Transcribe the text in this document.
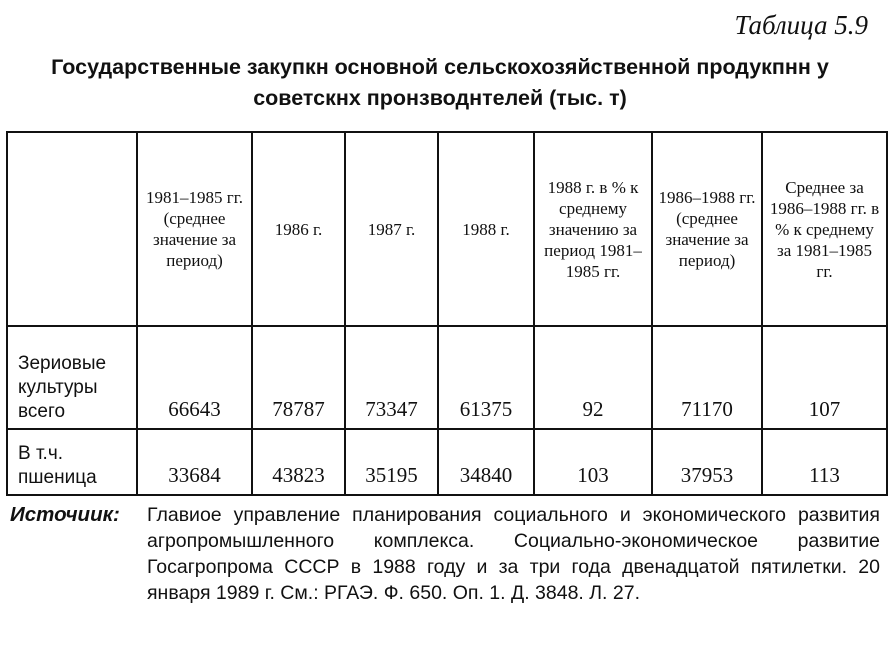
Таблица 5.9
Государственные закупкн основной сельскохозяйственной продукпнн у советскнх пронзводнтелей (тыс. т)
	1981–1985 гг. (среднее значение за период)	1986 г.	1987 г.	1988 г.	1988 г. в % к среднему значению за период 1981–1985 гг.	1986–1988 гг. (среднее значение за период)	Среднее за 1986–1988 гг. в % к среднему за 1981–1985 гг.
Зериовые культуры всего	66643	78787	73347	61375	92	71170	107
В т.ч. пшеница	33684	43823	35195	34840	103	37953	113
Источиик:	Главиое управление планирования социального и экономического развития агропромышленного комплекса. Социально-экономическое развитие Госагропрома СССР в 1988 году и за три года двенадцатой пятилетки. 20 января 1989 г. См.: РГАЭ. Ф. 650. Оп. 1. Д. 3848. Л. 27.
